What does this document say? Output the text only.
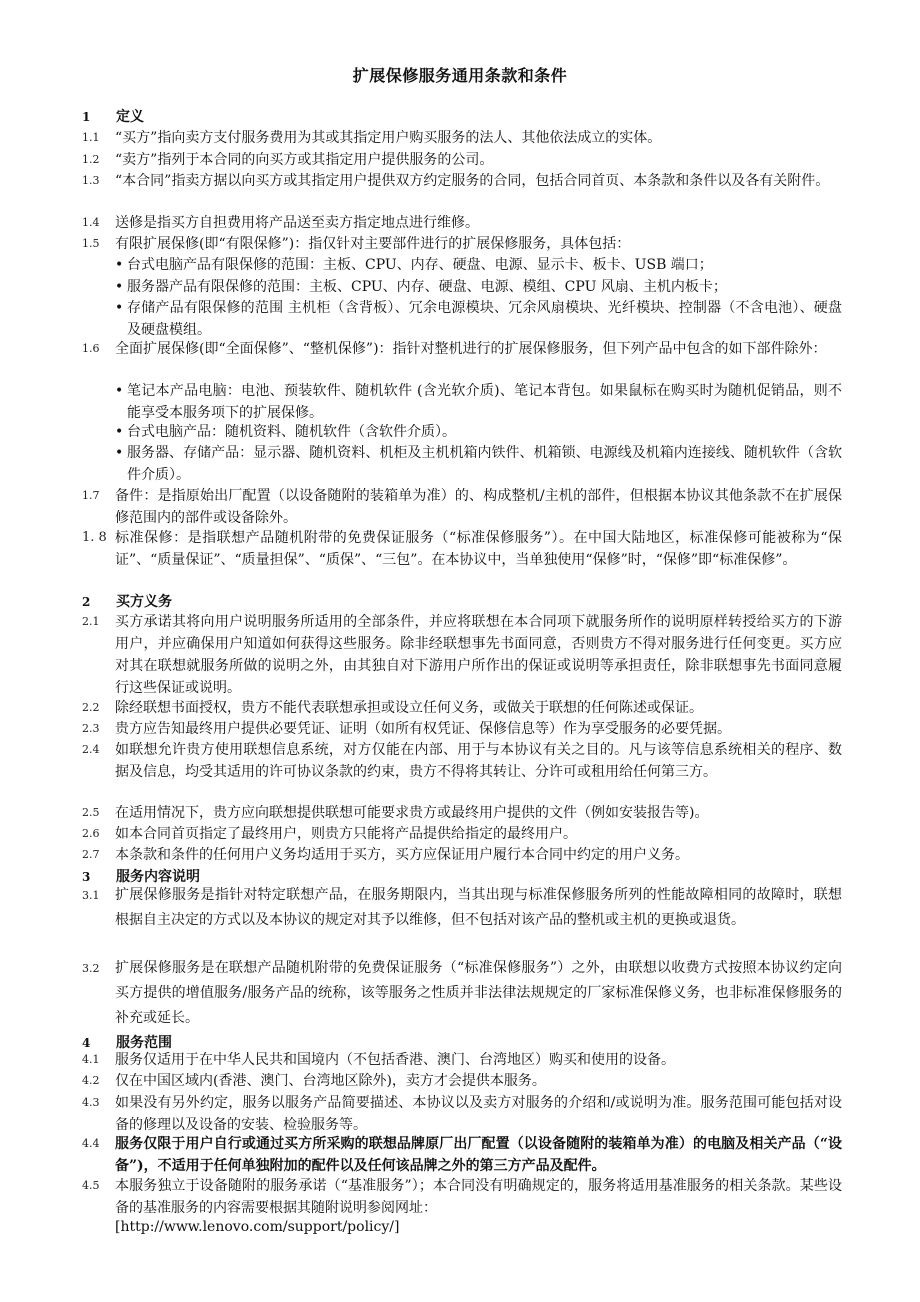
扩展保修服务通用条款和条件
1 定义
1.1 “买方”指向卖方支付服务费用为其或其指定用户购买服务的法人、其他依法成立的实体。
1.2 “卖方”指列于本合同的向买方或其指定用户提供服务的公司。
1.3 “本合同”指卖方据以向买方或其指定用户提供双方约定服务的合同，包括合同首页、本条款和条件以及各有关附件。
1.4 送修是指买方自担费用将产品送至卖方指定地点进行维修。
1.5 有限扩展保修(即“有限保修”)：指仅针对主要部件进行的扩展保修服务，具体包括：
• 台式电脑产品有限保修的范围：主板、CPU、内存、硬盘、电源、显示卡、板卡、USB 端口；
• 服务器产品有限保修的范围：主板、CPU、内存、硬盘、电源、模组、CPU 风扇、主机内板卡；
• 存储产品有限保修的范围 主机柜（含背板）、冗余电源模块、冗余风扇模块、光纤模块、控制器（不含电池）、硬盘及硬盘模组。
1.6 全面扩展保修(即“全面保修”、“整机保修”)：指针对整机进行的扩展保修服务，但下列产品中包含的如下部件除外：
• 笔记本产品电脑：电池、预装软件、随机软件 (含光软介质)、笔记本背包。如果鼠标在购买时为随机促销品，则不能享受本服务项下的扩展保修。
• 台式电脑产品：随机资料、随机软件（含软件介质）。
• 服务器、存储产品：显示器、随机资料、机柜及主机机箱内铁件、机箱锁、电源线及机箱内连接线、随机软件（含软件介质）。
1.7 备件：是指原始出厂配置（以设备随附的装箱单为准）的、构成整机/主机的部件，但根据本协议其他条款不在扩展保修范围内的部件或设备除外。
1. 8 标准保修：是指联想产品随机附带的免费保证服务（“标准保修服务”）。在中国大陆地区，标准保修可能被称为“保证”、“质量保证”、“质量担保”、“质保”、“三包”。在本协议中，当单独使用“保修”时，“保修”即“标准保修”。
2 买方义务
2.1 买方承诺其将向用户说明服务所适用的全部条件，并应将联想在本合同项下就服务所作的说明原样转授给买方的下游用户，并应确保用户知道如何获得这些服务。除非经联想事先书面同意，否则贵方不得对服务进行任何变更。买方应对其在联想就服务所做的说明之外，由其独自对下游用户所作出的保证或说明等承担责任，除非联想事先书面同意履行这些保证或说明。
2.2 除经联想书面授权，贵方不能代表联想承担或设立任何义务，或做关于联想的任何陈述或保证。
2.3 贵方应告知最终用户提供必要凭证、证明（如所有权凭证、保修信息等）作为享受服务的必要凭据。
2.4 如联想允许贵方使用联想信息系统，对方仅能在内部、用于与本协议有关之目的。凡与该等信息系统相关的程序、数据及信息，均受其适用的许可协议条款的约束，贵方不得将其转让、分许可或租用给任何第三方。
2.5 在适用情况下，贵方应向联想提供联想可能要求贵方或最终用户提供的文件（例如安装报告等)。
2.6 如本合同首页指定了最终用户，则贵方只能将产品提供给指定的最终用户。
2.7 本条款和条件的任何用户义务均适用于买方，买方应保证用户履行本合同中约定的用户义务。
3 服务内容说明
3.1 扩展保修服务是指针对特定联想产品，在服务期限内，当其出现与标准保修服务所列的性能故障相同的故障时，联想根据自主决定的方式以及本协议的规定对其予以维修，但不包括对该产品的整机或主机的更换或退货。
3.2 扩展保修服务是在联想产品随机附带的免费保证服务（“标准保修服务”）之外，由联想以收费方式按照本协议约定向买方提供的增值服务/服务产品的统称，该等服务之性质并非法律法规规定的厂家标准保修义务，也非标准保修服务的补充或延长。
4 服务范围
4.1 服务仅适用于在中华人民共和国境内（不包括香港、澳门、台湾地区）购买和使用的设备。
4.2 仅在中国区域内(香港、澳门、台湾地区除外)，卖方才会提供本服务。
4.3 如果没有另外约定，服务以服务产品简要描述、本协议以及卖方对服务的介绍和/或说明为准。服务范围可能包括对设备的修理以及设备的安装、检验服务等。
4.4 服务仅限于用户自行或通过买方所采购的联想品牌原厂出厂配置（以设备随附的装箱单为准）的电脑及相关产品（“设备”)，不适用于任何单独附加的配件以及任何该品牌之外的第三方产品及配件。
4.5 本服务独立于设备随附的服务承诺（“基准服务”）；本合同没有明确规定的，服务将适用基准服务的相关条款。某些设备的基准服务的内容需要根据其随附说明参阅网址：
[http://www.lenovo.com/support/policy/]
